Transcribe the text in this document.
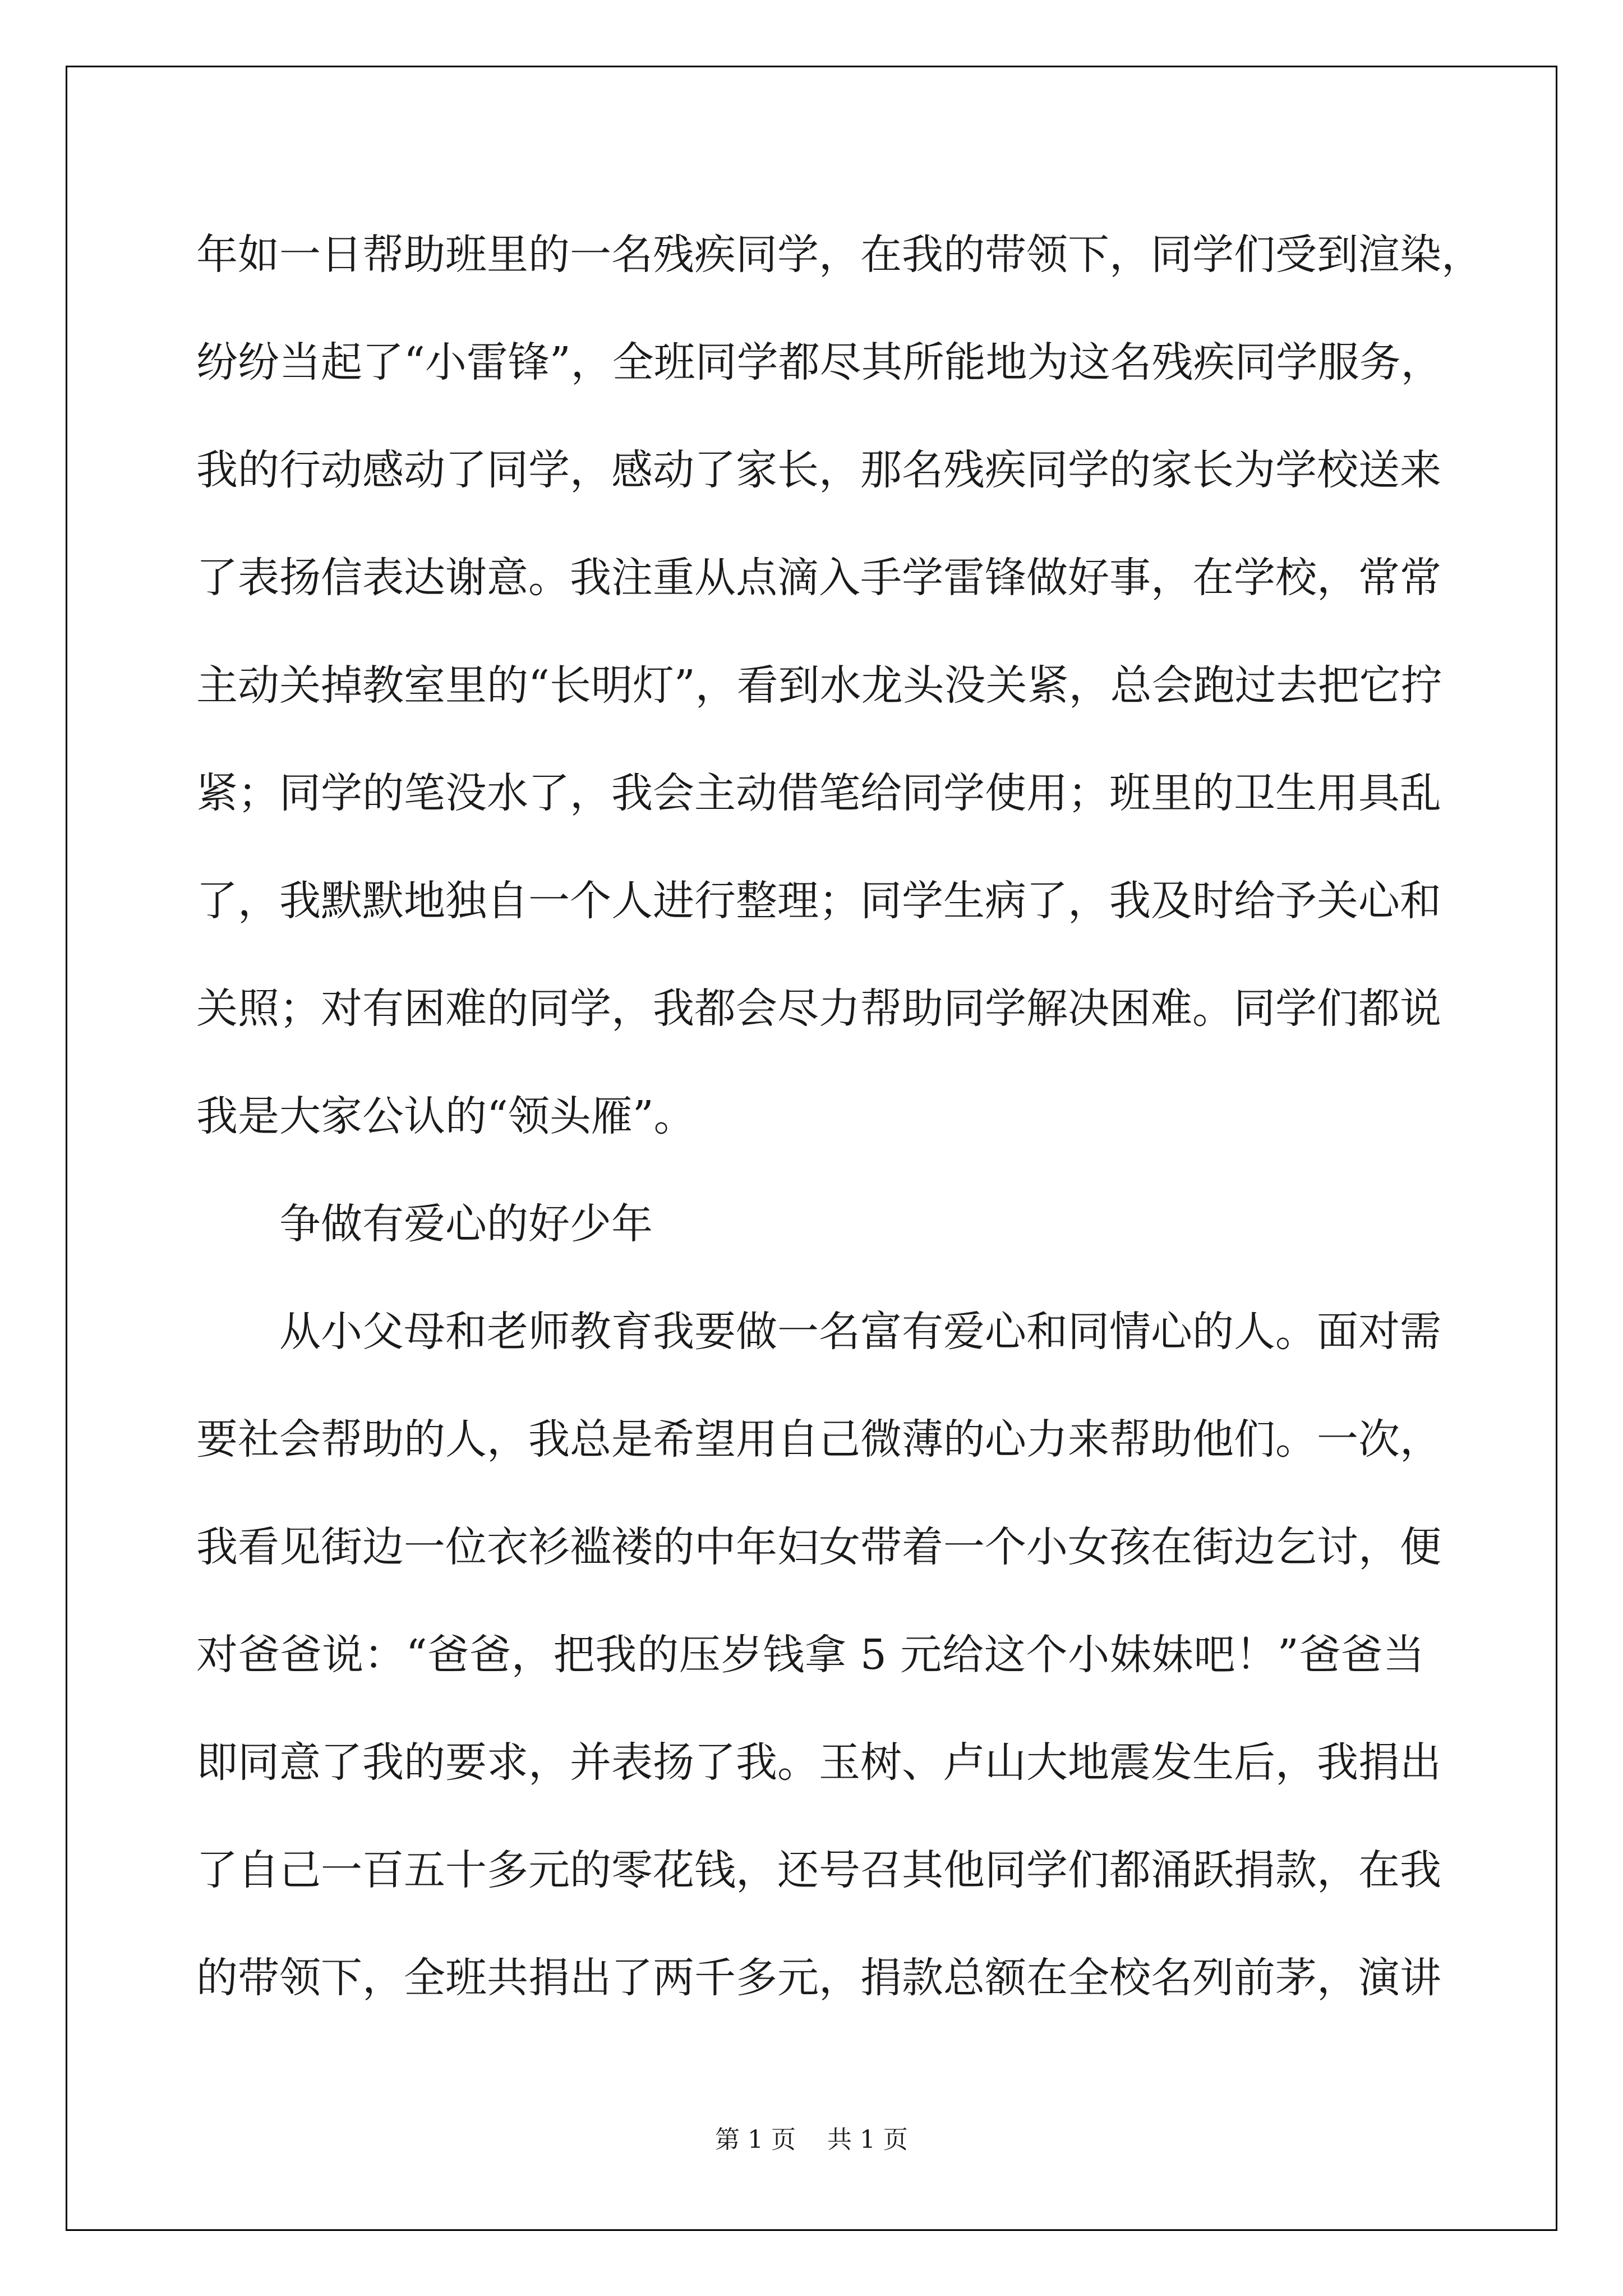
年如一日帮助班里的一名残疾同学，在我的带领下，同学们受到渲染，
纷纷当起了“小雷锋”，全班同学都尽其所能地为这名残疾同学服务，
我的行动感动了同学，感动了家长，那名残疾同学的家长为学校送来
了表扬信表达谢意。我注重从点滴入手学雷锋做好事，在学校，常常
主动关掉教室里的“长明灯”，看到水龙头没关紧，总会跑过去把它拧
紧；同学的笔没水了，我会主动借笔给同学使用；班里的卫生用具乱
了，我默默地独自一个人进行整理；同学生病了，我及时给予关心和
关照；对有困难的同学，我都会尽力帮助同学解决困难。同学们都说
我是大家公认的“领头雁”。
争做有爱心的好少年
从小父母和老师教育我要做一名富有爱心和同情心的人。面对需
要社会帮助的人，我总是希望用自己微薄的心力来帮助他们。一次，
我看见街边一位衣衫褴褛的中年妇女带着一个小女孩在街边乞讨，便
对爸爸说：“爸爸，把我的压岁钱拿 5 元给这个小妹妹吧！”爸爸当
即同意了我的要求，并表扬了我。玉树、卢山大地震发生后，我捐出
了自己一百五十多元的零花钱，还号召其他同学们都涌跃捐款，在我
的带领下，全班共捐出了两千多元，捐款总额在全校名列前茅，演讲
第 1 页 共 1 页
